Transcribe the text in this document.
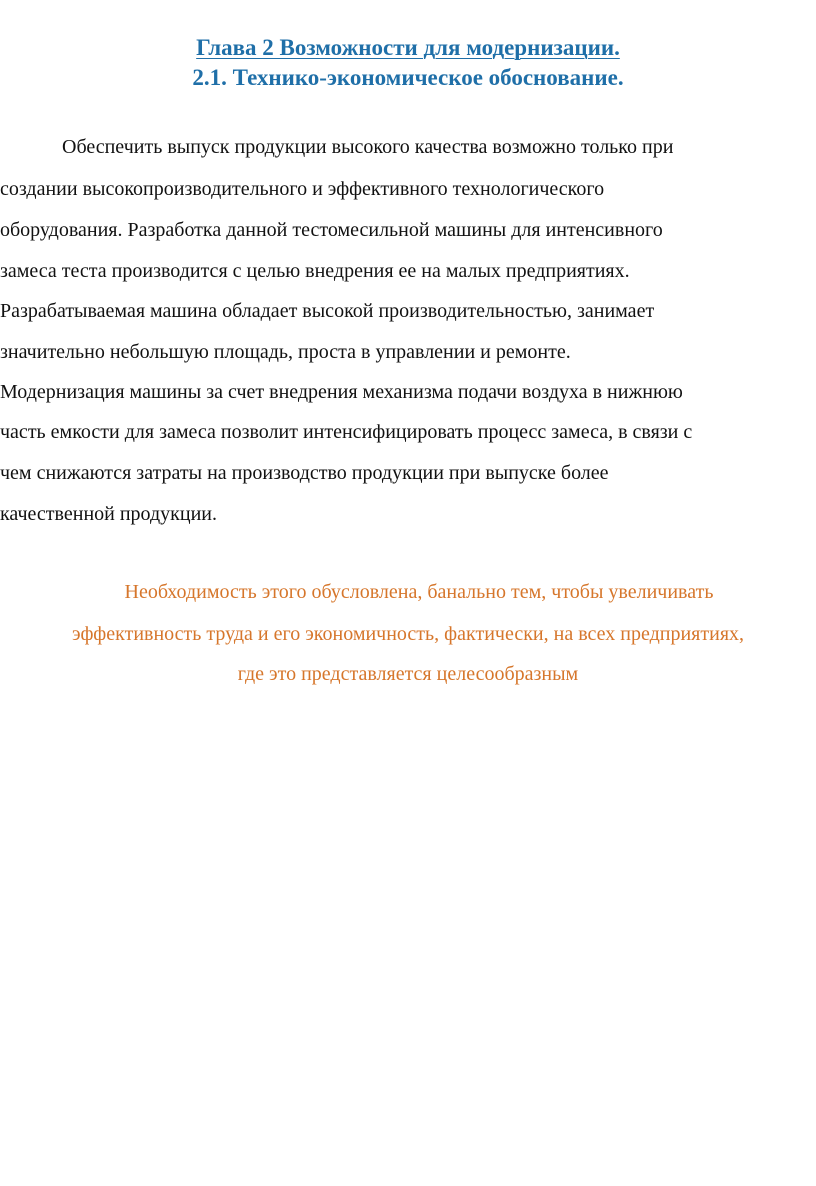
Глава 2 Возможности для модернизации.
2.1. Технико-экономическое обоснование.
Обеспечить выпуск продукции высокого качества возможно только при
создании высокопроизводительного и эффективного технологического
оборудования. Разработка данной тестомесильной машины для интенсивного
замеса теста производится с целью внедрения ее на малых предприятиях.
Разрабатываемая машина обладает высокой производительностью, занимает
значительно небольшую площадь, проста в управлении и ремонте.
Модернизация машины за счет внедрения механизма подачи воздуха в нижнюю
часть емкости для замеса позволит интенсифицировать процесс замеса, в связи с
чем снижаются затраты на производство продукции при выпуске более
качественной продукции.
Необходимость этого обусловлена, банально тем, чтобы увеличивать
эффективность труда и его экономичность, фактически, на всех предприятиях,
где это представляется целесообразным
